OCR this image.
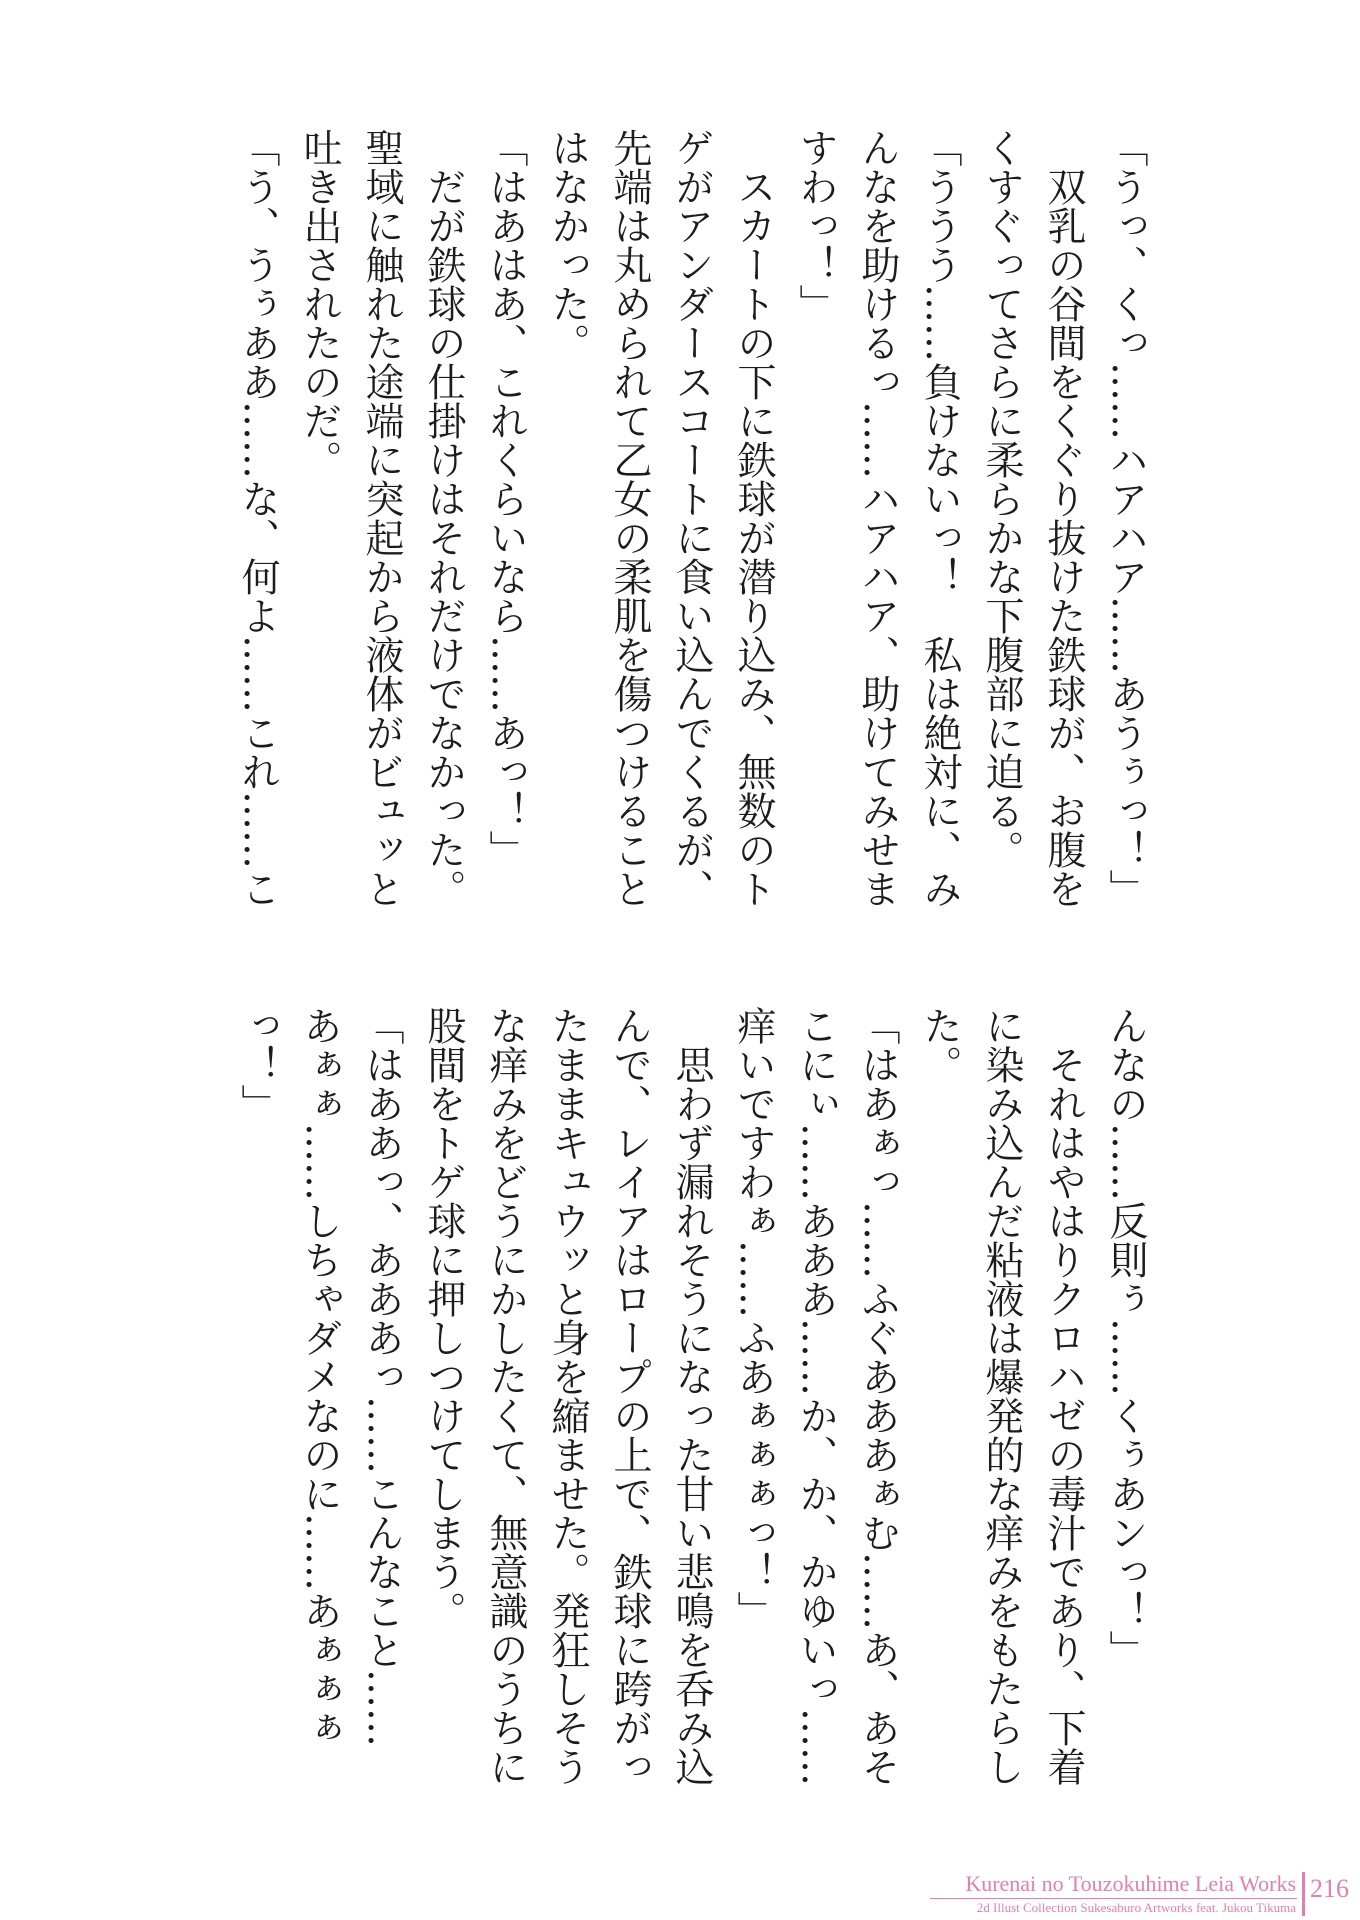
「うっ、くっ……ハアハア……あうぅっ！」
　双乳の谷間をくぐり抜けた鉄球が、お腹を
くすぐってさらに柔らかな下腹部に迫る。
「ううう……負けないっ！　私は絶対に、み
んなを助けるっ……ハアハア、助けてみせま
すわっ！」
　スカートの下に鉄球が潜り込み、無数のト
ゲがアンダースコートに食い込んでくるが、
先端は丸められて乙女の柔肌を傷つけること
はなかった。
「はあはあ、これくらいなら……あっ！」
　だが鉄球の仕掛けはそれだけでなかった。
聖域に触れた途端に突起から液体がビュッと
吐き出されたのだ。
「う、うぅああ……な、何よ……これ……こ
んなの……反則ぅ……くぅあンっ！」
　それはやはりクロハゼの毒汁であり、下着
に染み込んだ粘液は爆発的な痒みをもたらし
た。
「はあぁっ……ふぐあああぁむ……あ、あそ
こにぃ……あああ……か、か、かゆいっ……
痒いですわぁ……ふあぁぁぁっ！」
　思わず漏れそうになった甘い悲鳴を呑み込
んで、レイアはロープの上で、鉄球に跨がっ
たままキュウッと身を縮ませた。発狂しそう
な痒みをどうにかしたくて、無意識のうちに
股間をトゲ球に押しつけてしまう。
「はああっ、あああっ……こんなこと……
あぁぁ……しちゃダメなのに……あぁぁぁ
っ！」
Kurenai no Touzokuhime Leia Works
2d Illust Collection Sukesaburo Artworks feat. Jukou Tikuma
216
